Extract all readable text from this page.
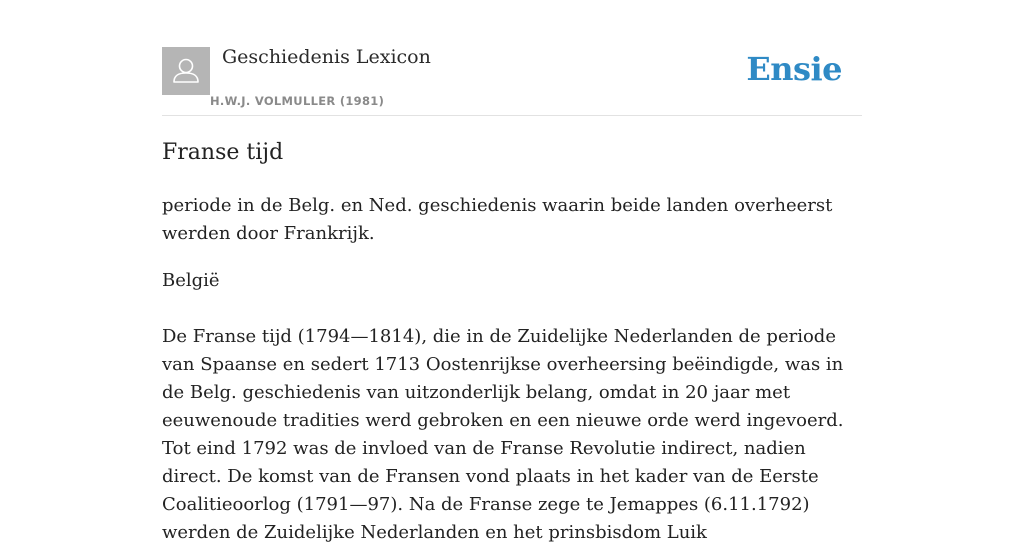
Geschiedenis Lexicon
H.W.J. VOLMULLER (1981)
Ensie
Franse tijd

periode in de Belg. en Ned. geschiedenis waarin beide landen overheerst werden door Frankrijk.

België

De Franse tijd (1794—1814), die in de Zuidelijke Nederlanden de periode van Spaanse en sedert 1713 Oostenrijkse overheersing beëindigde, was in de Belg. geschiedenis van uitzonderlijk belang, omdat in 20 jaar met eeuwenoude tradities werd gebroken en een nieuwe orde werd ingevoerd. Tot eind 1792 was de invloed van de Franse Revolutie indirect, nadien direct. De komst van de Fransen vond plaats in het kader van de Eerste Coalitieoorlog (1791—97). Na de Franse zege te Jemappes (6.11.1792) werden de Zuidelijke Nederlanden en het prinsbisdom Luik
